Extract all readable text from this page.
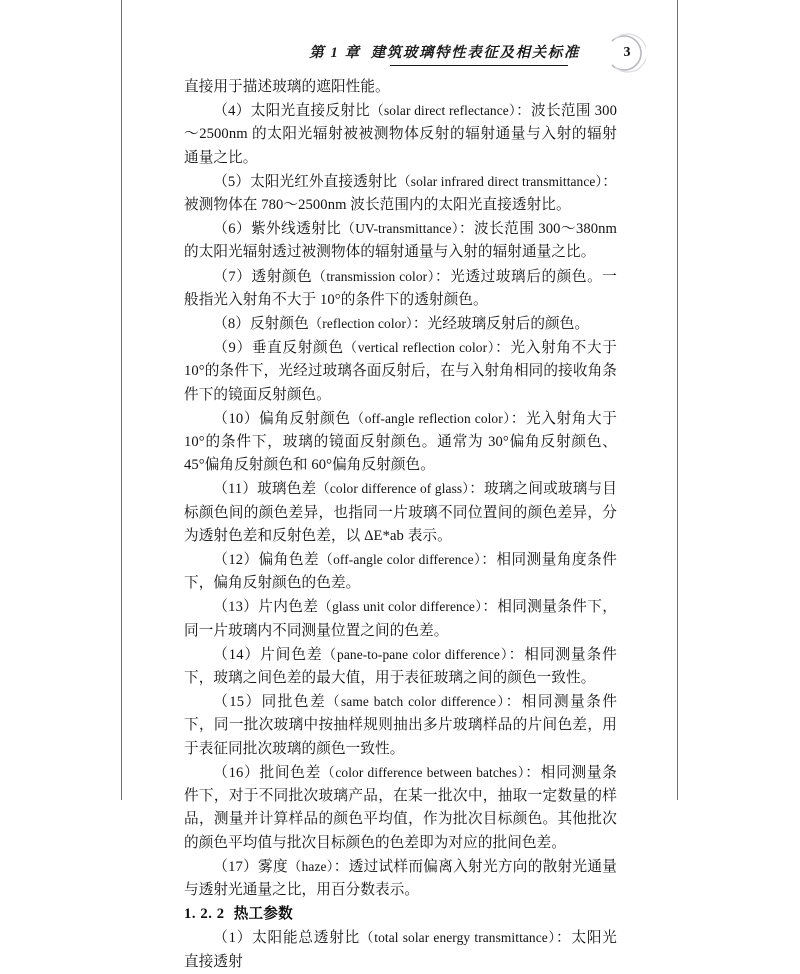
第 1 章 建筑玻璃特性表征及相关标准	3

直接用于描述玻璃的遮阳性能。

（4）太阳光直接反射比（solar direct reflectance）：波长范围 300～2500nm 的太阳光辐射被被测物体反射的辐射通量与入射的辐射通量之比。

（5）太阳光红外直接透射比（solar infrared direct transmittance）：被测物体在 780～2500nm 波长范围内的太阳光直接透射比。

（6）紫外线透射比（UV-transmittance）：波长范围 300～380nm 的太阳光辐射透过被测物体的辐射通量与入射的辐射通量之比。

（7）透射颜色（transmission color）：光透过玻璃后的颜色。一般指光入射角不大于 10°的条件下的透射颜色。

（8）反射颜色（reflection color）：光经玻璃反射后的颜色。

（9）垂直反射颜色（vertical reflection color）：光入射角不大于 10°的条件下，光经过玻璃各面反射后，在与入射角相同的接收角条件下的镜面反射颜色。

（10）偏角反射颜色（off-angle reflection color）：光入射角大于 10°的条件下，玻璃的镜面反射颜色。通常为 30°偏角反射颜色、45°偏角反射颜色和 60°偏角反射颜色。

（11）玻璃色差（color difference of glass）：玻璃之间或玻璃与目标颜色间的颜色差异，也指同一片玻璃不同位置间的颜色差异，分为透射色差和反射色差，以 ΔE*ab 表示。

（12）偏角色差（off-angle color difference）：相同测量角度条件下，偏角反射颜色的色差。

（13）片内色差（glass unit color difference）：相同测量条件下，同一片玻璃内不同测量位置之间的色差。

（14）片间色差（pane-to-pane color difference）：相同测量条件下，玻璃之间色差的最大值，用于表征玻璃之间的颜色一致性。

（15）同批色差（same batch color difference）：相同测量条件下，同一批次玻璃中按抽样规则抽出多片玻璃样品的片间色差，用于表征同批次玻璃的颜色一致性。

（16）批间色差（color difference between batches）：相同测量条件下，对于不同批次玻璃产品，在某一批次中，抽取一定数量的样品，测量并计算样品的颜色平均值，作为批次目标颜色。其他批次的颜色平均值与批次目标颜色的色差即为对应的批间色差。

（17）雾度（haze）：透过试样而偏离入射光方向的散射光通量与透射光通量之比，用百分数表示。

1. 2. 2 热工参数

（1）太阳能总透射比（total solar energy transmittance）：太阳光直接透射
